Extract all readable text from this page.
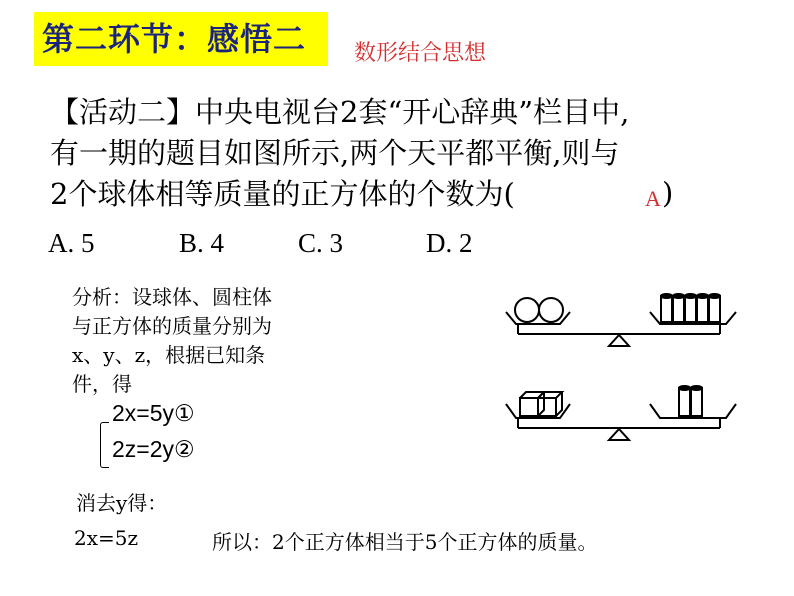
第二环节：感悟二 数形结合思想
【活动二】中央电视台2套“开心辞典”栏目中,
有一期的题目如图所示,两个天平都平衡,则与
2个球体相等质量的正方体的个数为(	A )
A. 5	B. 4	C. 3	D. 2
分析：设球体、圆柱体
与正方体的质量分别为
x、y、z，根据已知条
件，得
2x=5y①
2z=2y②
消去y得：
2x=5z	所以：2个正方体相当于5个正方体的质量。
